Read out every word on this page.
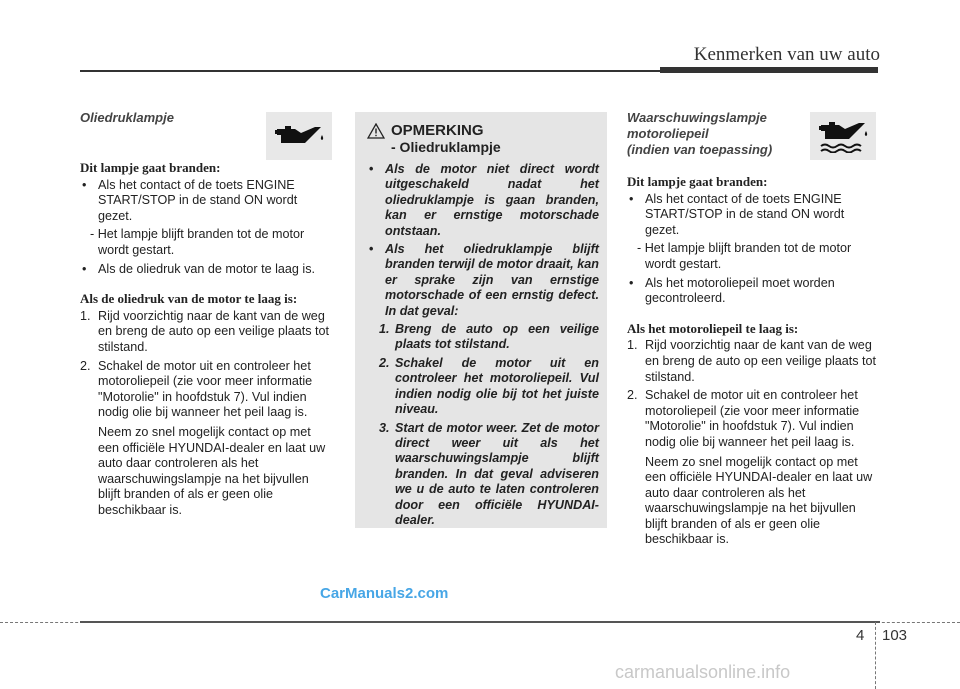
Kenmerken van uw auto
Oliedruklampje
Dit lampje gaat branden:
• Als het contact of de toets ENGINE START/STOP in de stand ON wordt gezet.
- Het lampje blijft branden tot de motor wordt gestart.
• Als de oliedruk van de motor te laag is.
Als de oliedruk van de motor te laag is:
1. Rijd voorzichtig naar de kant van de weg en breng de auto op een veilige plaats tot stilstand.
2. Schakel de motor uit en controleer het motoroliepeil (zie voor meer informatie "Motorolie" in hoofdstuk 7). Vul indien nodig olie bij wanneer het peil laag is.
Neem zo snel mogelijk contact op met een officiële HYUNDAI-dealer en laat uw auto daar controleren als het waarschuwingslampje na het bijvullen blijft branden of als er geen olie beschikbaar is.
OPMERKING
- Oliedruklampje
• Als de motor niet direct wordt uitgeschakeld nadat het oliedruklampje is gaan branden, kan er ernstige motorschade ontstaan.
• Als het oliedruklampje blijft branden terwijl de motor draait, kan er sprake zijn van ernstige motorschade of een ernstig defect. In dat geval:
1. Breng de auto op een veilige plaats tot stilstand.
2. Schakel de motor uit en controleer het motoroliepeil. Vul indien nodig olie bij tot het juiste niveau.
3. Start de motor weer. Zet de motor direct weer uit als het waarschuwingslampje blijft branden. In dat geval adviseren we u de auto te laten controleren door een officiële HYUNDAI-dealer.
Waarschuwingslampje
motoroliepeil
(indien van toepassing)
Dit lampje gaat branden:
• Als het contact of de toets ENGINE START/STOP in de stand ON wordt gezet.
- Het lampje blijft branden tot de motor wordt gestart.
• Als het motoroliepeil moet worden gecontroleerd.
Als het motoroliepeil te laag is:
1. Rijd voorzichtig naar de kant van de weg en breng de auto op een veilige plaats tot stilstand.
2. Schakel de motor uit en controleer het motoroliepeil (zie voor meer informatie "Motorolie" in hoofdstuk 7). Vul indien nodig olie bij wanneer het peil laag is.
Neem zo snel mogelijk contact op met een officiële HYUNDAI-dealer en laat uw auto daar controleren als het waarschuwingslampje na het bijvullen blijft branden of als er geen olie beschikbaar is.
CarManuals2.com
4 103
carmanualsonline.info
